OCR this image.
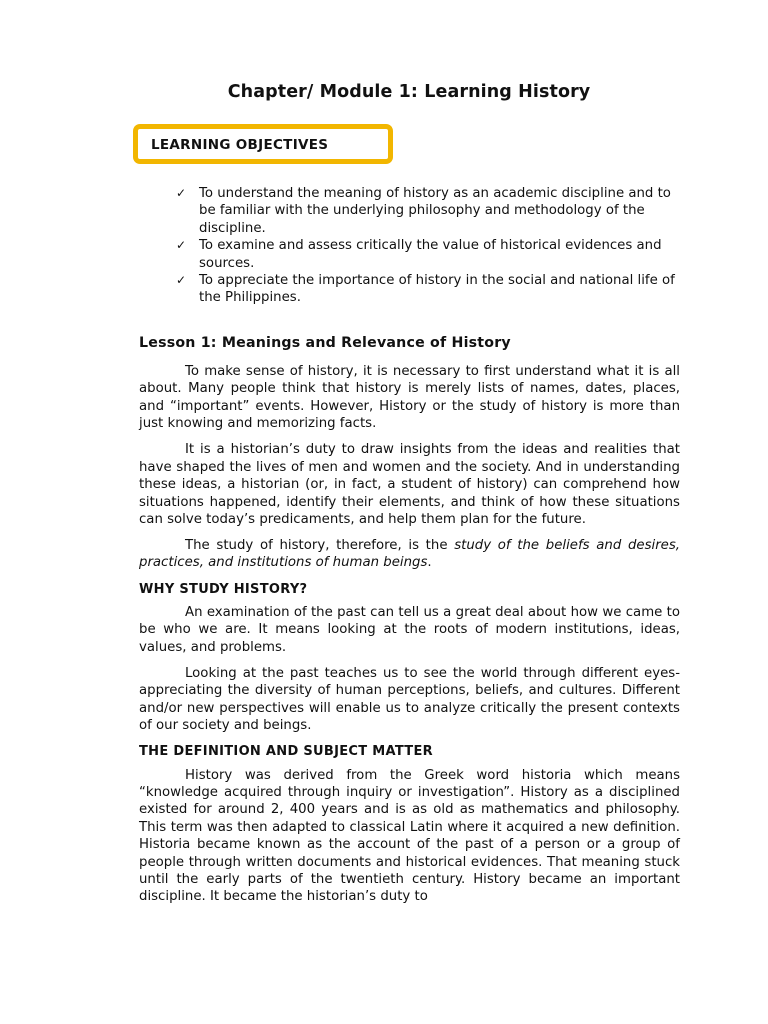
Chapter/ Module 1: Learning History
LEARNING OBJECTIVES
✓ To understand the meaning of history as an academic discipline and to be familiar with the underlying philosophy and methodology of the discipline.
✓ To examine and assess critically the value of historical evidences and sources.
✓ To appreciate the importance of history in the social and national life of the Philippines.
Lesson 1: Meanings and Relevance of History

To make sense of history, it is necessary to first understand what it is all about. Many people think that history is merely lists of names, dates, places, and “important” events. However, History or the study of history is more than just knowing and memorizing facts.

It is a historian’s duty to draw insights from the ideas and realities that have shaped the lives of men and women and the society. And in understanding these ideas, a historian (or, in fact, a student of history) can comprehend how situations happened, identify their elements, and think of how these situations can solve today’s predicaments, and help them plan for the future.

The study of history, therefore, is the study of the beliefs and desires, practices, and institutions of human beings.

WHY STUDY HISTORY?

An examination of the past can tell us a great deal about how we came to be who we are. It means looking at the roots of modern institutions, ideas, values, and problems.

Looking at the past teaches us to see the world through different eyes- appreciating the diversity of human perceptions, beliefs, and cultures. Different and/or new perspectives will enable us to analyze critically the present contexts of our society and beings.

THE DEFINITION AND SUBJECT MATTER

History was derived from the Greek word historia which means “knowledge acquired through inquiry or investigation”. History as a disciplined existed for around 2, 400 years and is as old as mathematics and philosophy. This term was then adapted to classical Latin where it acquired a new definition. Historia became known as the account of the past of a person or a group of people through written documents and historical evidences. That meaning stuck until the early parts of the twentieth century. History became an important discipline. It became the historian’s duty to
